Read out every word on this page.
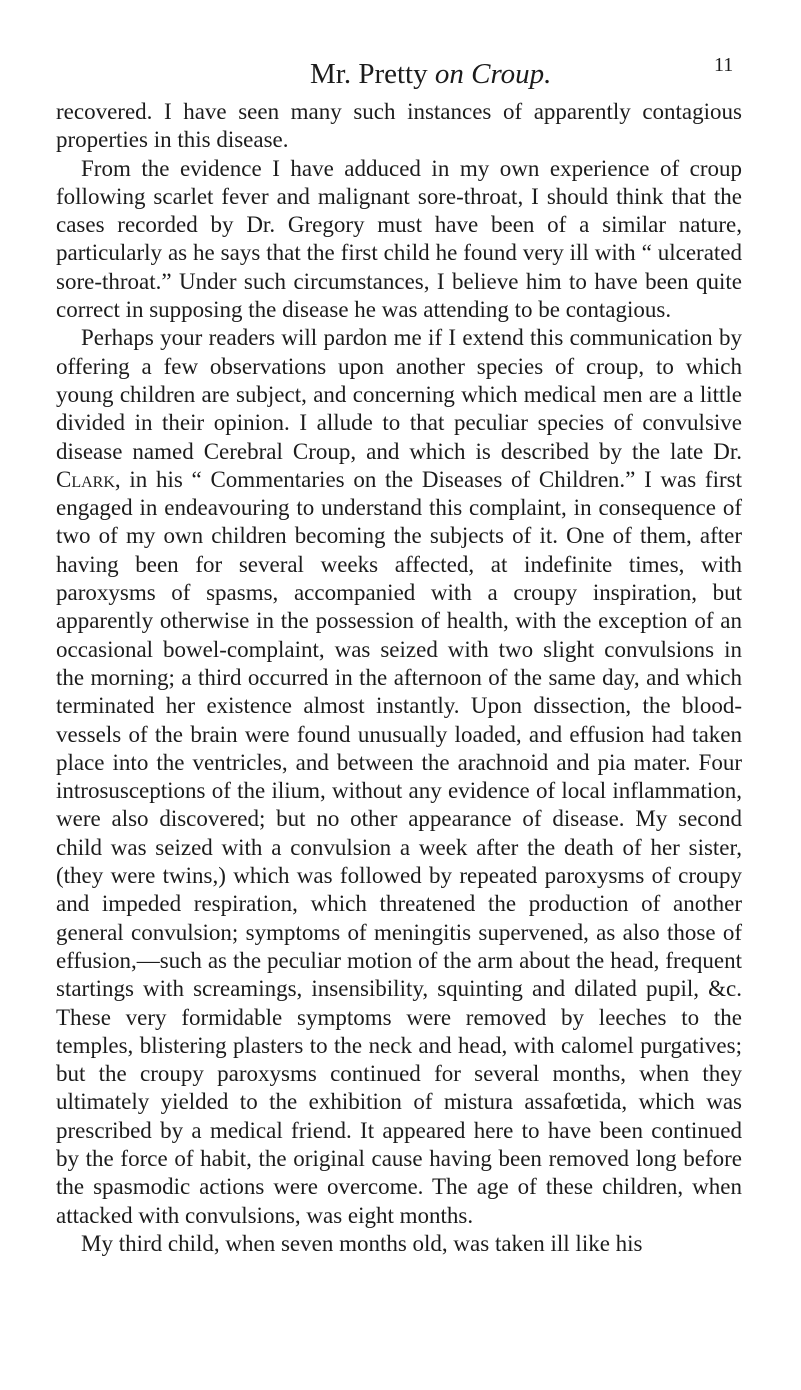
Mr. Pretty on Croup.	11

recovered. I have seen many such instances of apparently contagious properties in this disease.

From the evidence I have adduced in my own experience of croup following scarlet fever and malignant sore-throat, I should think that the cases recorded by Dr. Gregory must have been of a similar nature, particularly as he says that the first child he found very ill with “ ulcerated sore-throat.” Under such circumstances, I believe him to have been quite correct in supposing the disease he was attending to be contagious.

Perhaps your readers will pardon me if I extend this communication by offering a few observations upon another species of croup, to which young children are subject, and concerning which medical men are a little divided in their opinion. I allude to that peculiar species of convulsive disease named Cerebral Croup, and which is described by the late Dr. Clark, in his “ Commentaries on the Diseases of Children.” I was first engaged in endeavouring to understand this complaint, in consequence of two of my own children becoming the subjects of it. One of them, after having been for several weeks affected, at indefinite times, with paroxysms of spasms, accompanied with a croupy inspiration, but apparently otherwise in the possession of health, with the exception of an occasional bowel-complaint, was seized with two slight convulsions in the morning; a third occurred in the afternoon of the same day, and which terminated her existence almost instantly. Upon dissection, the blood-vessels of the brain were found unusually loaded, and effusion had taken place into the ventricles, and between the arachnoid and pia mater. Four introsusceptions of the ilium, without any evidence of local inflammation, were also discovered; but no other appearance of disease. My second child was seized with a convulsion a week after the death of her sister, (they were twins,) which was followed by repeated paroxysms of croupy and impeded respiration, which threatened the production of another general convulsion; symptoms of meningitis supervened, as also those of effusion,—such as the peculiar motion of the arm about the head, frequent startings with screamings, insensibility, squinting and dilated pupil, &c. These very formidable symptoms were removed by leeches to the temples, blistering plasters to the neck and head, with calomel purgatives; but the croupy paroxysms continued for several months, when they ultimately yielded to the exhibition of mistura assafœtida, which was prescribed by a medical friend. It appeared here to have been continued by the force of habit, the original cause having been removed long before the spasmodic actions were overcome. The age of these children, when attacked with convulsions, was eight months.

My third child, when seven months old, was taken ill like his
